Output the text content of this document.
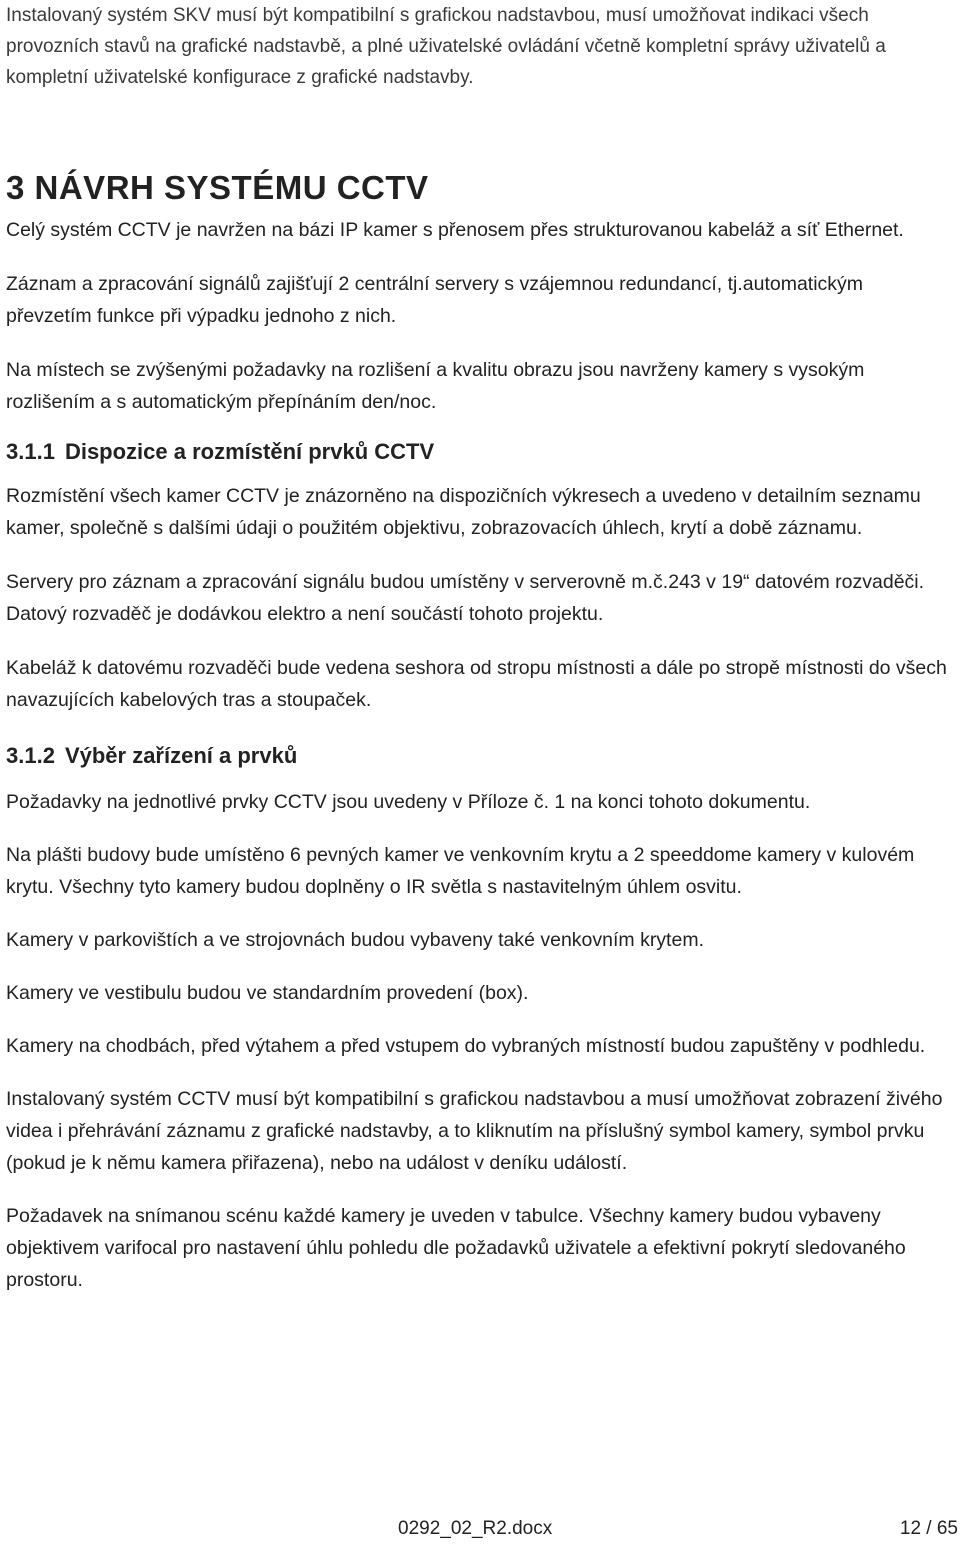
Instalovaný systém SKV musí být kompatibilní s grafickou nadstavbou, musí umožňovat indikaci všech provozních stavů na grafické nadstavbě, a plné uživatelské ovládání včetně kompletní správy uživatelů a kompletní uživatelské konfigurace z grafické nadstavby.

3 NÁVRH SYSTÉMU CCTV

Celý systém CCTV je navržen na bázi IP kamer s přenosem přes strukturovanou kabeláž a síť Ethernet.

Záznam a zpracování signálů zajišťují 2 centrální servery s vzájemnou redundancí, tj.automatickým převzetím funkce při výpadku jednoho z nich.

Na místech se zvýšenými požadavky na rozlišení a kvalitu obrazu jsou navrženy kamery s vysokým rozlišením a s automatickým přepínáním den/noc.

3.1.1 Dispozice a rozmístění prvků CCTV

Rozmístění všech kamer CCTV je znázorněno na dispozičních výkresech a uvedeno v detailním seznamu kamer, společně s dalšími údaji o použitém objektivu, zobrazovacích úhlech, krytí a době záznamu.

Servery pro záznam a zpracování signálu budou umístěny v serverovně m.č.243 v 19“ datovém rozvaděči. Datový rozvaděč je dodávkou elektro a není součástí tohoto projektu.

Kabeláž k datovému rozvaděči bude vedena seshora od stropu místnosti a dále po stropě místnosti do všech navazujících kabelových tras a stoupaček.

3.1.2 Výběr zařízení a prvků

Požadavky na jednotlivé prvky CCTV jsou uvedeny v Příloze č. 1 na konci tohoto dokumentu.

Na plášti budovy bude umístěno 6 pevných kamer ve venkovním krytu a 2 speeddome kamery v kulovém krytu. Všechny tyto kamery budou doplněny o IR světla s nastavitelným úhlem osvitu.

Kamery v parkovištích a ve strojovnách budou vybaveny také venkovním krytem.

Kamery ve vestibulu budou ve standardním provedení (box).

Kamery na chodbách, před výtahem a před vstupem do vybraných místností budou zapuštěny v podhledu.

Instalovaný systém CCTV musí být kompatibilní s grafickou nadstavbou a musí umožňovat zobrazení živého videa i přehrávání záznamu z grafické nadstavby, a to kliknutím na příslušný symbol kamery, symbol prvku (pokud je k němu kamera přiřazena), nebo na událost v deníku událostí.

Požadavek na snímanou scénu každé kamery je uveden v tabulce. Všechny kamery budou vybaveny objektivem varifocal pro nastavení úhlu pohledu dle požadavků uživatele a efektivní pokrytí sledovaného prostoru.

0292_02_R2.docx	12 / 65
